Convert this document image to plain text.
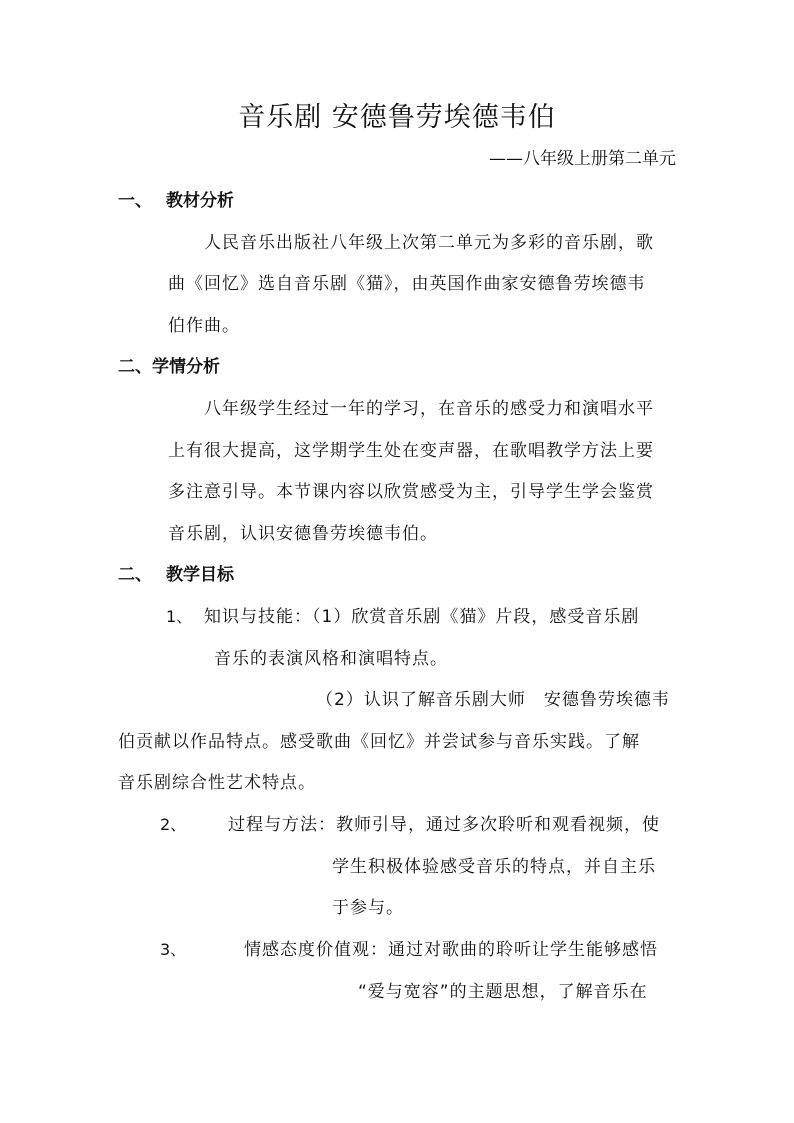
音乐剧 安德鲁劳埃德韦伯
——八年级上册第二单元
一、 教材分析
人民音乐出版社八年级上次第二单元为多彩的音乐剧，歌
曲《回忆》选自音乐剧《猫》，由英国作曲家安德鲁劳埃德韦
伯作曲。
二、学情分析
八年级学生经过一年的学习，在音乐的感受力和演唱水平
上有很大提高，这学期学生处在变声器，在歌唱教学方法上要
多注意引导。本节课内容以欣赏感受为主，引导学生学会鉴赏
音乐剧，认识安德鲁劳埃德韦伯。
二、 教学目标
1、 知识与技能：（1）欣赏音乐剧《猫》片段，感受音乐剧
音乐的表演风格和演唱特点。
（2）认识了解音乐剧大师　安德鲁劳埃德韦
伯贡献以作品特点。感受歌曲《回忆》并尝试参与音乐实践。了解
音乐剧综合性艺术特点。
2、 过程与方法：教师引导，通过多次聆听和观看视频，使
学生积极体验感受音乐的特点，并自主乐
于参与。
3、	情感态度价值观：通过对歌曲的聆听让学生能够感悟
“爱与宽容”的主题思想，了解音乐在
